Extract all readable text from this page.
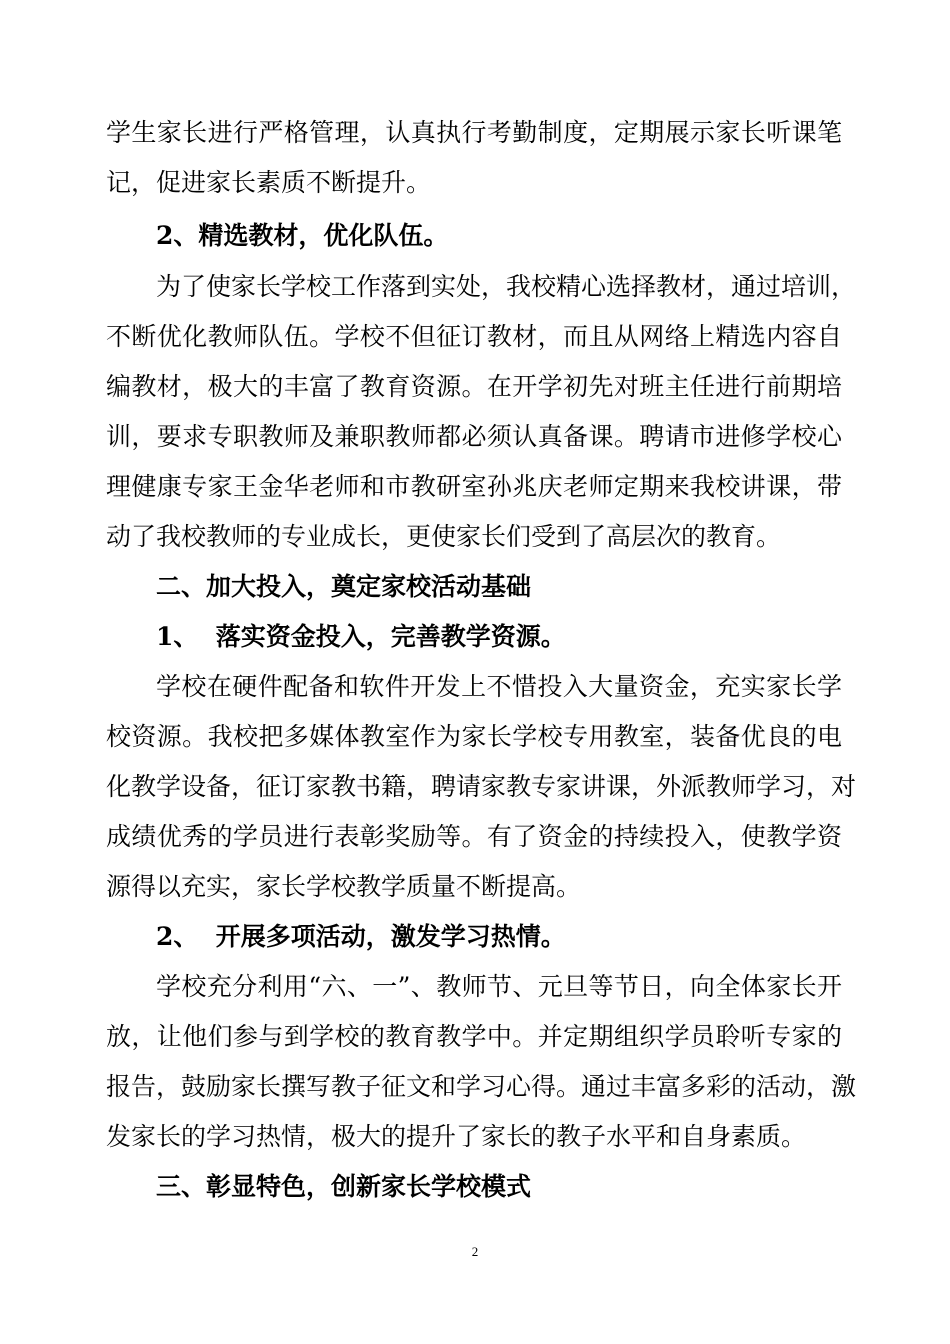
学生家长进行严格管理，认真执行考勤制度，定期展示家长听课笔

记，促进家长素质不断提升。

2、精选教材，优化队伍。

为了使家长学校工作落到实处，我校精心选择教材，通过培训，

不断优化教师队伍。学校不但征订教材，而且从网络上精选内容自

编教材，极大的丰富了教育资源。在开学初先对班主任进行前期培

训，要求专职教师及兼职教师都必须认真备课。聘请市进修学校心

理健康专家王金华老师和市教研室孙兆庆老师定期来我校讲课，带

动了我校教师的专业成长，更使家长们受到了高层次的教育。

二、加大投入，奠定家校活动基础

1、  落实资金投入，完善教学资源。

学校在硬件配备和软件开发上不惜投入大量资金，充实家长学

校资源。我校把多媒体教室作为家长学校专用教室，装备优良的电

化教学设备，征订家教书籍，聘请家教专家讲课，外派教师学习，对

成绩优秀的学员进行表彰奖励等。有了资金的持续投入，使教学资

源得以充实，家长学校教学质量不断提高。

2、  开展多项活动，激发学习热情。

学校充分利用“六、一”、教师节、元旦等节日，向全体家长开

放，让他们参与到学校的教育教学中。并定期组织学员聆听专家的

报告，鼓励家长撰写教子征文和学习心得。通过丰富多彩的活动，激

发家长的学习热情，极大的提升了家长的教子水平和自身素质。

三、彰显特色，创新家长学校模式

2
